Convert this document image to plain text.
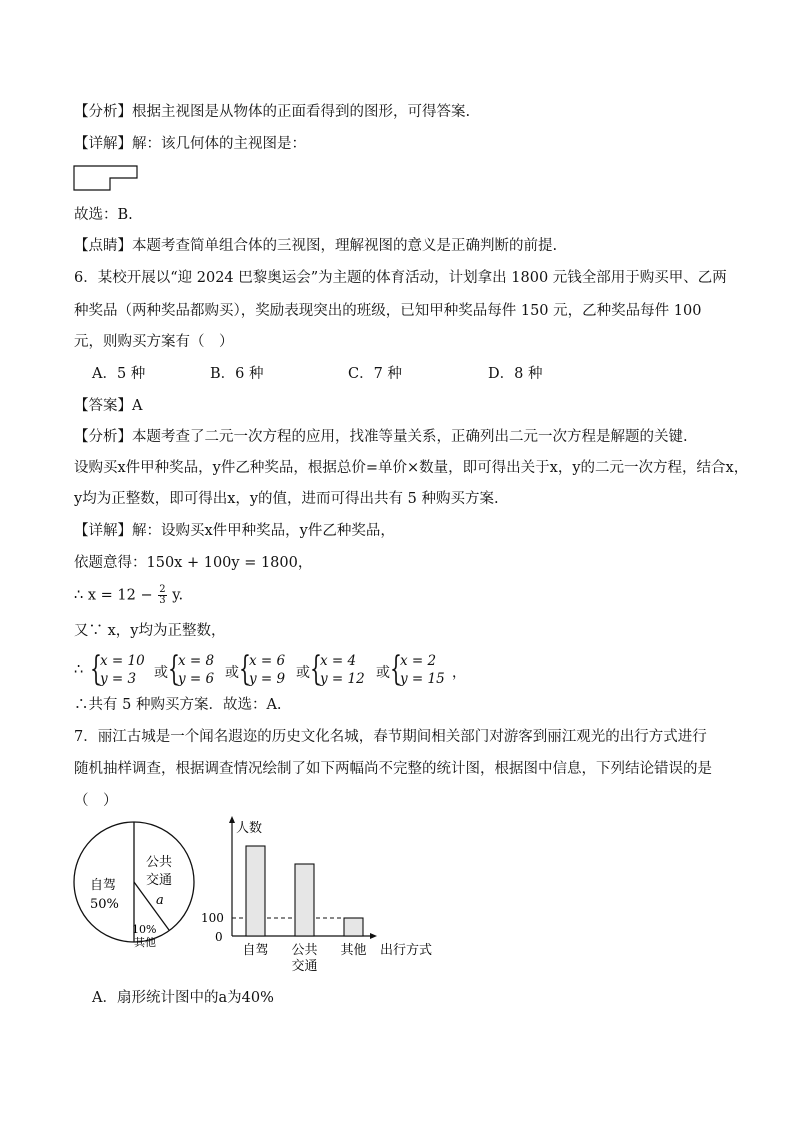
【分析】根据主视图是从物体的正面看得到的图形，可得答案.
【详解】解：该几何体的主视图是：
故选：B.
【点睛】本题考查简单组合体的三视图，理解视图的意义是正确判断的前提.
6．某校开展以“迎 2024 巴黎奥运会”为主题的体育活动，计划拿出 1800 元钱全部用于购买甲、乙两
种奖品（两种奖品都购买），奖励表现突出的班级，已知甲种奖品每件 150 元，乙种奖品每件 100
元，则购买方案有（　）
A．5 种	B．6 种	C．7 种	D．8 种
【答案】A
【分析】本题考查了二元一次方程的应用，找准等量关系，正确列出二元一次方程是解题的关键.
设购买x件甲种奖品，y件乙种奖品，根据总价=单价×数量，即可得出关于x，y的二元一次方程，结合x，
y均为正整数，即可得出x，y的值，进而可得出共有 5 种购买方案.
【详解】解：设购买x件甲种奖品，y件乙种奖品，
依题意得：150x + 100y = 1800，
∴ $x = 12 - \frac{2}{3} y$.
又∵ x，y均为正整数，
∴ {
x = 10
y = 3 或 {
x = 8
y = 6 或 {
x = 6
y = 9 或 {
x = 4
y = 12 或 {
x = 2
y = 15 ，
∴共有 5 种购买方案．故选：A.
7．丽江古城是一个闻名遐迩的历史文化名城，春节期间相关部门对游客到丽江观光的出行方式进行
随机抽样调查，根据调查情况绘制了如下两幅尚不完整的统计图，根据图中信息，下列结论错误的是
（　）
自驾
50%
公共
交通
a
10%
其他
人数
出行方式
100
0
自驾 公共
交通
其他
A．扇形统计图中的a为40%
